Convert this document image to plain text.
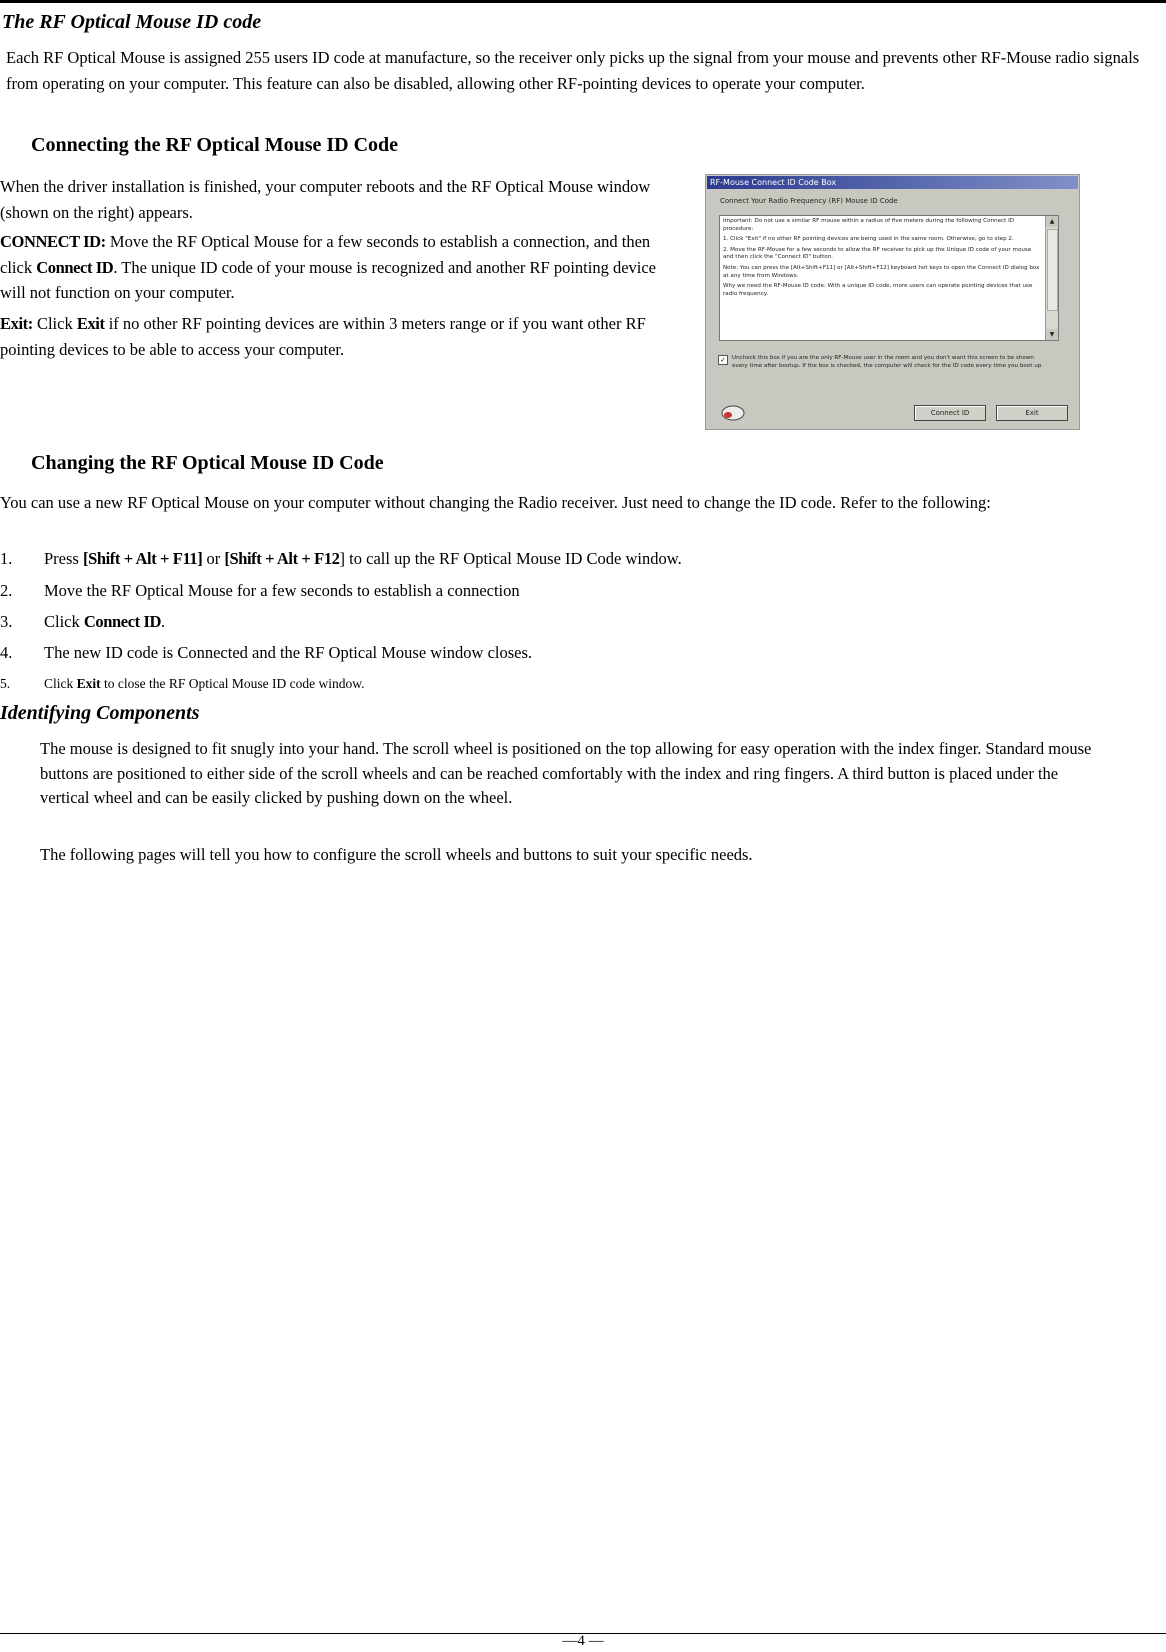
The RF Optical Mouse ID code

Each RF Optical Mouse is assigned 255 users ID code at manufacture, so the receiver only picks up the signal from your mouse and prevents other RF-Mouse radio signals from operating on your computer. This feature can also be disabled, allowing other RF-pointing devices to operate your computer.

Connecting the RF Optical Mouse ID Code

When the driver installation is finished, your computer reboots and the RF Optical Mouse window (shown on the right) appears.

CONNECT ID: Move the RF Optical Mouse for a few seconds to establish a connection, and then click Connect ID. The unique ID code of your mouse is recognized and another RF pointing device will not function on your computer.

Exit: Click Exit if no other RF pointing devices are within 3 meters range or if you want other RF pointing devices to be able to access your computer.

RF-Mouse Connect ID Code Box
Connect Your Radio Frequency (RF) Mouse ID Code

Important: Do not use a similar RF mouse within a radius of five meters during the following Connect ID procedure:

1. Click "Exit" if no other RF pointing devices are being used in the same room. Otherwise, go to step 2.

2. Move the RF-Mouse for a few seconds to allow the RF receiver to pick up the Unique ID code of your mouse and then click the "Connect ID" button.

Note: You can press the [Alt+Shift+F11] or [Alt+Shift+F12] keyboard hot keys to open the Connect ID dialog box at any time from Windows.

Why we need the RF-Mouse ID code: With a unique ID code, more users can operate pointing devices that use radio frequency.

▲
▼
✓	Uncheck this box if you are the only RF-Mouse user in the room and you don't want this screen to be shown every time after bootup. If the box is checked, the computer will check for the ID code every time you boot up.
Connect ID	Exit
Changing the RF Optical Mouse ID Code

You can use a new RF Optical Mouse on your computer without changing the Radio receiver. Just need to change the ID code. Refer to the following:

1. Press [Shift + Alt + F11] or [Shift + Alt + F12] to call up the RF Optical Mouse ID Code window.
2. Move the RF Optical Mouse for a few seconds to establish a connection
3. Click Connect ID.
4. The new ID code is Connected and the RF Optical Mouse window closes.
5.	Click Exit to close the RF Optical Mouse ID code window.
Identifying Components

The mouse is designed to fit snugly into your hand. The scroll wheel is positioned on the top allowing for easy operation with the index finger. Standard mouse buttons are positioned to either side of the scroll wheels and can be reached comfortably with the index and ring fingers. A third button is placed under the vertical wheel and can be easily clicked by pushing down on the wheel.

The following pages will tell you how to configure the scroll wheels and buttons to suit your specific needs.

—4 —
